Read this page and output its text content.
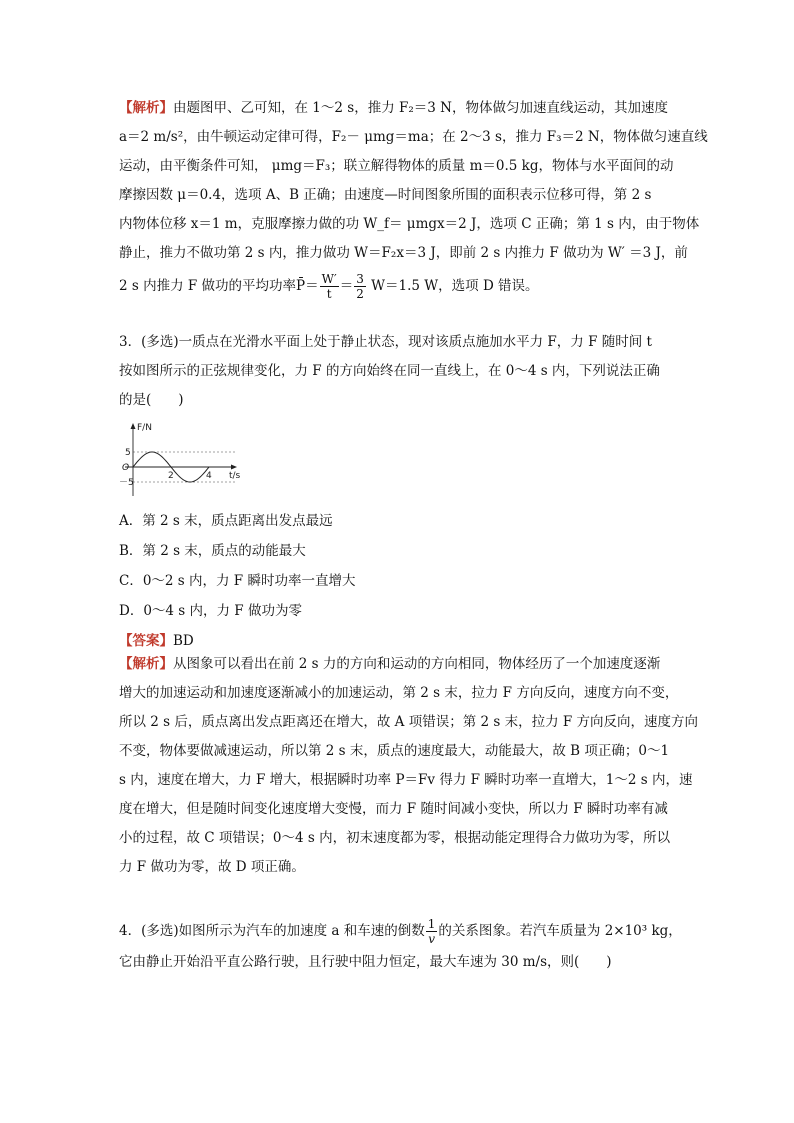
【解析】由题图甲、乙可知，在 1～2 s，推力 F₂＝3 N，物体做匀加速直线运动，其加速度
a＝2 m/s²，由牛顿运动定律可得，F₂－ μmg＝ma；在 2～3 s，推力 F₃＝2 N，物体做匀速直线
运动，由平衡条件可知， μmg＝F₃；联立解得物体的质量 m＝0.5 kg，物体与水平面间的动
摩擦因数 μ＝0.4，选项 A、B 正确；由速度—时间图象所围的面积表示位移可得，第 2 s
内物体位移 x＝1 m，克服摩擦力做的功 W_f＝ μmgx＝2 J，选项 C 正确；第 1 s 内，由于物体
静止，推力不做功第 2 s 内，推力做功 W＝F₂x＝3 J，即前 2 s 内推力 F 做功为 W′ ＝3 J，前
2 s 内推力 F 做功的平均功率P̄＝ $\frac{W'}{t} = \frac{3}{2} W=1.5$ W，选项 D 错误。
3．(多选)一质点在光滑水平面上处于静止状态，现对该质点施加水平力 F，力 F 随时间 t
按如图所示的正弦规律变化，力 F 的方向始终在同一直线上，在 0～4 s 内，下列说法正确
的是(　　)
F/N
t/s
O
5
－5
2	4
A．第 2 s 末，质点距离出发点最远
B．第 2 s 末，质点的动能最大
C．0～2 s 内，力 F 瞬时功率一直增大
D．0～4 s 内，力 F 做功为零
【答案】BD
【解析】从图象可以看出在前 2 s 力的方向和运动的方向相同，物体经历了一个加速度逐渐
增大的加速运动和加速度逐渐减小的加速运动，第 2 s 末，拉力 F 方向反向，速度方向不变，
所以 2 s 后，质点离出发点距离还在增大，故 A 项错误；第 2 s 末，拉力 F 方向反向，速度方向
不变，物体要做减速运动，所以第 2 s 末，质点的速度最大，动能最大，故 B 项正确；0～1
s 内，速度在增大，力 F 增大，根据瞬时功率 P＝Fv 得力 F 瞬时功率一直增大，1～2 s 内，速
度在增大，但是随时间变化速度增大变慢，而力 F 随时间减小变快，所以力 F 瞬时功率有减
小的过程，故 C 项错误；0～4 s 内，初末速度都为零，根据动能定理得合力做功为零，所以
力 F 做功为零，故 D 项正确。
4．(多选)如图所示为汽车的加速度 a 和车速的倒数 $\frac{1}{v}$ 的关系图象。若汽车质量为 2×10³ kg，
它由静止开始沿平直公路行驶，且行驶中阻力恒定，最大车速为 30 m/s，则(　　)
